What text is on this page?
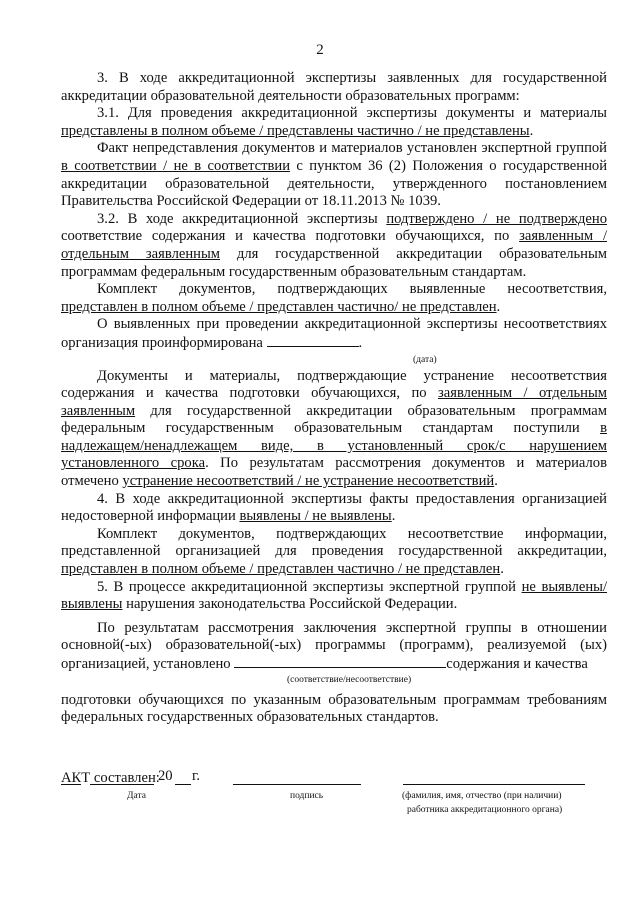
2

3. В ходе аккредитационной экспертизы заявленных для государственной аккредитации образовательной деятельности образовательных программ:

3.1. Для проведения аккредитационной экспертизы документы и материалы представлены в полном объеме / представлены частично / не представлены.

Факт непредставления документов и материалов установлен экспертной группой в соответствии / не в соответствии с пунктом 36 (2) Положения о государственной аккредитации образовательной деятельности, утвержденного постановлением Правительства Российской Федерации от 18.11.2013 № 1039.

3.2. В ходе аккредитационной экспертизы подтверждено / не подтверждено соответствие содержания и качества подготовки обучающихся, по заявленным / отдельным заявленным для государственной аккредитации образовательным программам федеральным государственным образовательным стандартам.

Комплект документов, подтверждающих выявленные несоответствия, представлен в полном объеме / представлен частично/ не представлен.

О выявленных при проведении аккредитационной экспертизы несоответствиях организация проинформирована	.

(дата)

Документы и материалы, подтверждающие устранение несоответствия содержания и качества подготовки обучающихся, по заявленным / отдельным заявленным для государственной аккредитации образовательным программам федеральным государственным образовательным стандартам поступили в надлежащем/ненадлежащем виде, в установленный срок/с нарушением установленного срока. По результатам рассмотрения документов и материалов отмечено устранение несоответствий / не устранение несоответствий.

4. В ходе аккредитационной экспертизы факты предоставления организацией недостоверной информации выявлены / не выявлены.

Комплект документов, подтверждающих несоответствие информации, представленной организацией для проведения государственной аккредитации, представлен в полном объеме / представлен частично / не представлен.

5. В процессе аккредитационной экспертизы экспертной группой не выявлены/выявлены нарушения законодательства Российской Федерации.

По результатам рассмотрения заключения экспертной группы в отношении основной(-ых) образовательной(-ых) программы (программ), реализуемой (ых) организацией, установлено	содержания и качества

(соответствие/несоответствие)

подготовки обучающихся по указанным образовательным программам требованиям федеральных государственных образовательных стандартов.

АКТ составлен:

20 г.
Дата	подпись	(фамилия, имя, отчество (при наличии)
работника аккредитационного органа)
